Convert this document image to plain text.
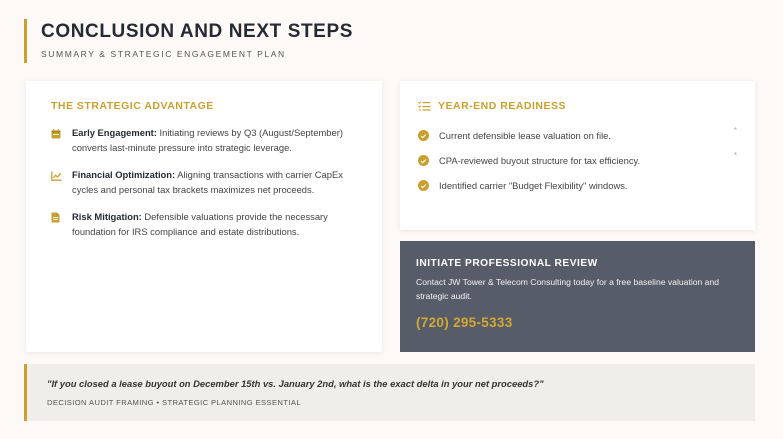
CONCLUSION AND NEXT STEPS
SUMMARY & STRATEGIC ENGAGEMENT PLAN
THE STRATEGIC ADVANTAGE
Early Engagement: Initiating reviews by Q3 (August/September) converts last-minute pressure into strategic leverage.
Financial Optimization: Aligning transactions with carrier CapEx cycles and personal tax brackets maximizes net proceeds.
Risk Mitigation: Defensible valuations provide the necessary foundation for IRS compliance and estate distributions.
YEAR-END READINESS
Current defensible lease valuation on file.	*
CPA-reviewed buyout structure for tax efficiency.	*
Identified carrier "Budget Flexibility" windows.
INITIATE PROFESSIONAL REVIEW
Contact JW Tower & Telecom Consulting today for a free baseline valuation and strategic audit.
(720) 295-5333
"If you closed a lease buyout on December 15th vs. January 2nd, what is the exact delta in your net proceeds?"
DECISION AUDIT FRAMING • STRATEGIC PLANNING ESSENTIAL
